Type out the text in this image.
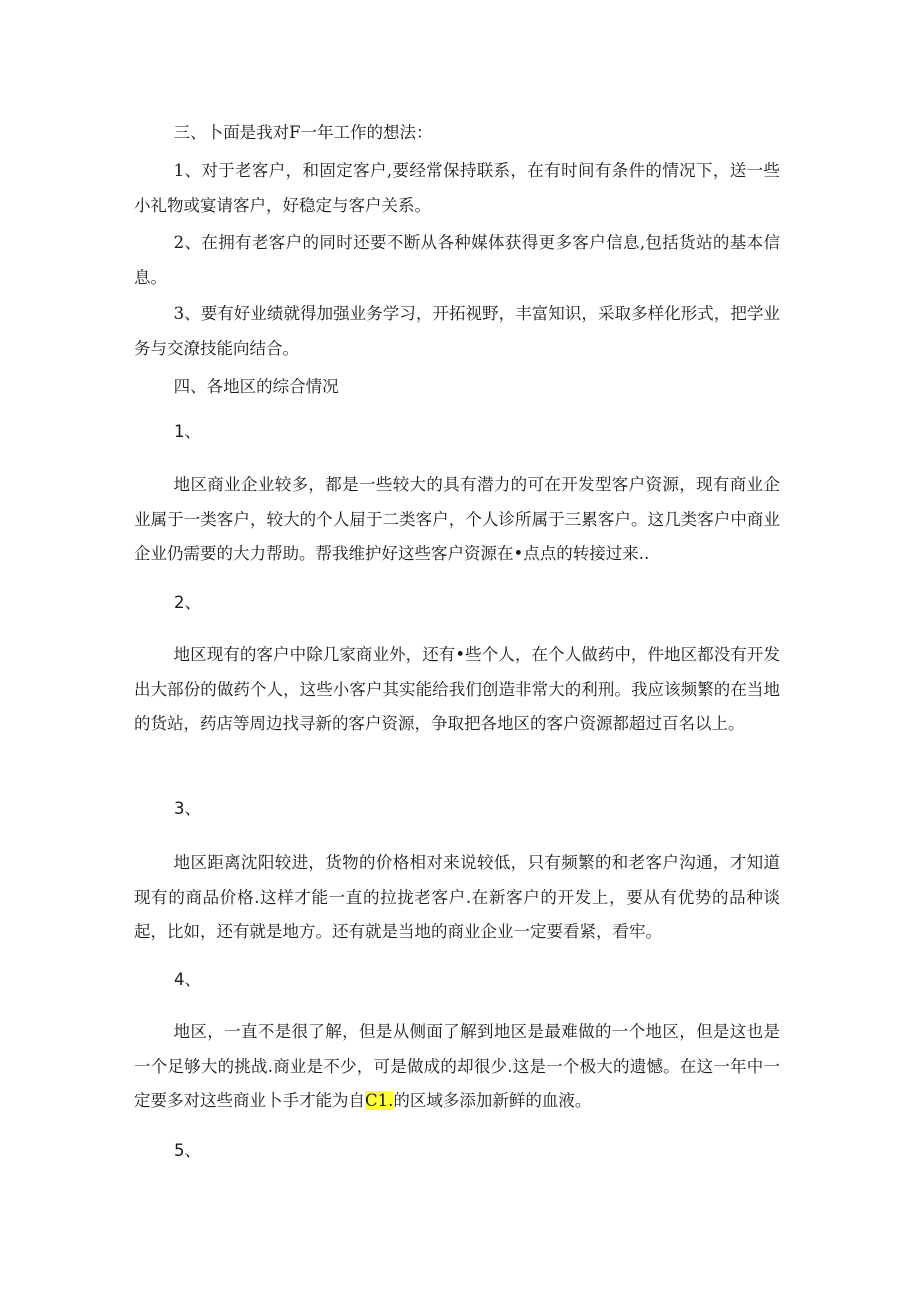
三、卜面是我对F一年工作的想法：

1、对于老客户，和固定客户,要经常保持联系，在有时间有条件的情况下，送一些小礼物或宴请客户，好稳定与客户关系。

2、在拥有老客户的同时还要不断从各种媒体获得更多客户信息,包括货站的基本信息。

3、要有好业绩就得加强业务学习，开拓视野，丰富知识，采取多样化形式，把学业务与交潦技能向结合。

四、各地区的综合情况

1、

地区商业企业较多，都是一些较大的具有潜力的可在开发型客户资源，现有商业企业属于一类客户，较大的个人屇于二类客户，个人诊所属于三累客户。这几类客户中商业企业仍需要的大力帮助。帮我维护好这些客户资源在•点点的转接过来..

2、

地区现有的客户中除几家商业外，还有•些个人，在个人做药中，件地区都没有开发出大部份的做药个人，这些小客户其实能给我们创造非常大的利刑。我应该频繁的在当地的货站，药店等周边找寻新的客户资源，争取把各地区的客户资源都超过百名以上。

3、

地区距离沈阳较进，货物的价格相对来说较低，只有频繁的和老客户沟通，才知道现有的商品价格.这样才能一直的拉拢老客户.在新客户的开发上，要从有优势的品种谈起，比如，还有就是地方。还有就是当地的商业企业一定要看紧，看牢。

4、

地区，一直不是很了解，但是从侧面了解到地区是最难做的一个地区，但是这也是一个足够大的挑战.商业是不少，可是做成的却很少.这是一个极大的遗憾。在这一年中一定要多对这些商业卜手才能为自C1.的区域多添加新鲜的血液。

5、
